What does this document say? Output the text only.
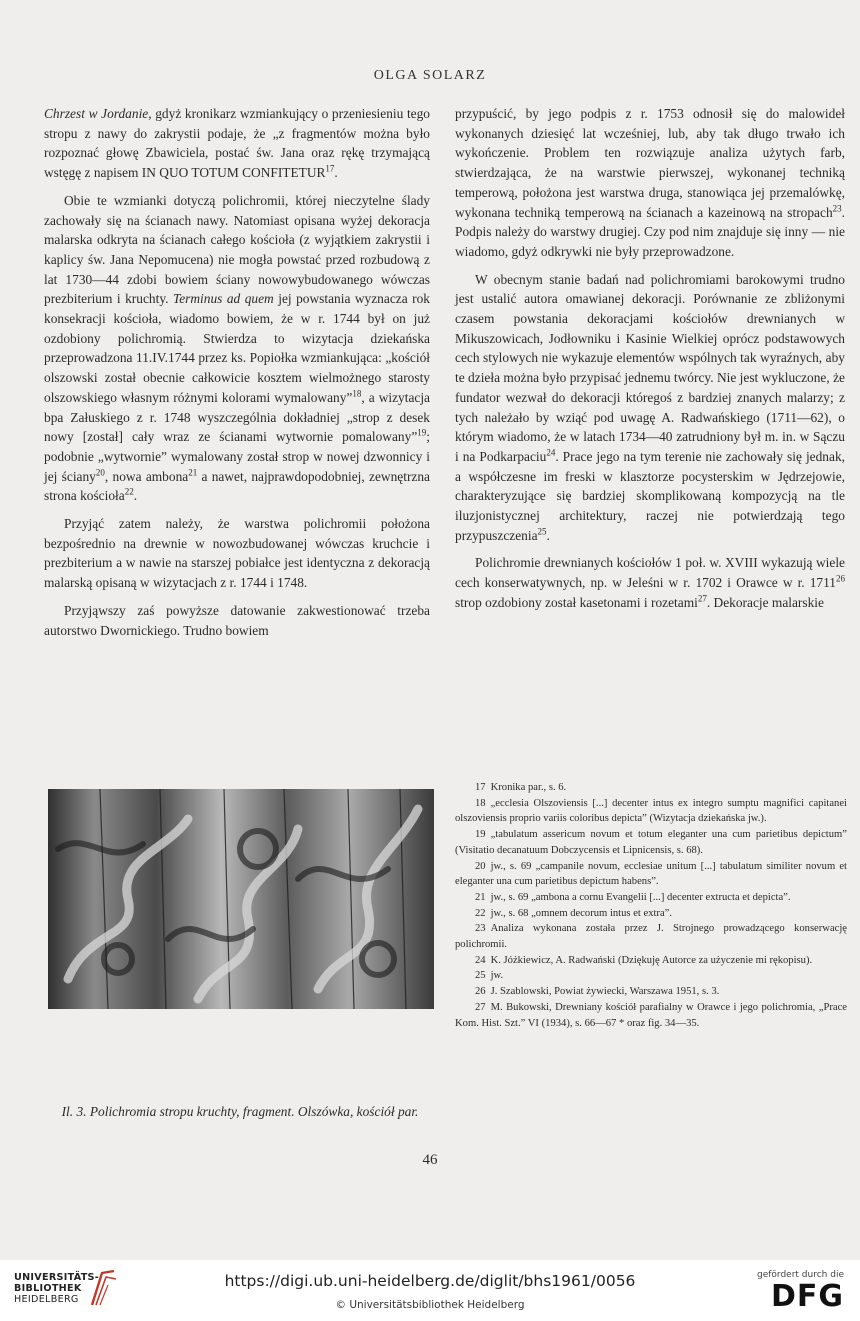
OLGA SOLARZ

Chrzest w Jordanie, gdyż kronikarz wzmiankujący o przeniesieniu tego stropu z nawy do zakrystii podaje, że „z fragmentów można było rozpoznać głowę Zbawiciela, postać św. Jana oraz rękę trzymającą wstęgę z napisem IN QUO TOTUM CONFITETUR$^{17}$.

Obie te wzmianki dotyczą polichromii, której nieczytelne ślady zachowały się na ścianach nawy. Natomiast opisana wyżej dekoracja malarska odkryta na ścianach całego kościoła (z wyjątkiem zakrystii i kaplicy św. Jana Nepomucena) nie mogła powstać przed rozbudową z lat 1730—44 zdobi bowiem ściany nowowybudowanego wówczas prezbiterium i kruchty. Terminus ad quem jej powstania wyznacza rok konsekracji kościoła, wiadomo bowiem, że w r. 1744 był on już ozdobiony polichromią. Stwierdza to wizytacja dziekańska przeprowadzona 11.IV.1744 przez ks. Popiołka wzmiankująca: „kościół olszowski został obecnie całkowicie kosztem wielmożnego starosty olszowskiego własnym różnymi kolorami wymalowany”$^{18}$, a wizytacja bpa Załuskiego z r. 1748 wyszczególnia dokładniej „strop z desek nowy [został] cały wraz ze ścianami wytwornie pomalowany”$^{19}$; podobnie „wytwornie” wymalowany został strop w nowej dzwonnicy i jej ściany$^{20}$, nowa ambona$^{21}$ a nawet, najprawdopodobniej, zewnętrzna strona kościoła$^{22}$.

Przyjąć zatem należy, że warstwa polichromii położona bezpośrednio na drewnie w nowozbudowanej wówczas kruchcie i prezbiterium a w nawie na starszej pobiałce jest identyczna z dekoracją malarską opisaną w wizytacjach z r. 1744 i 1748.

Przyjąwszy zaś powyższe datowanie zakwestionować trzeba autorstwo Dwornickiego. Trudno bowiem

przypuścić, by jego podpis z r. 1753 odnosił się do malowideł wykonanych dziesięć lat wcześniej, lub, aby tak długo trwało ich wykończenie. Problem ten rozwiązuje analiza użytych farb, stwierdzająca, że na warstwie pierwszej, wykonanej techniką temperową, położona jest warstwa druga, stanowiąca jej przemalówkę, wykonana techniką temperową na ścianach a kazeinową na stropach$^{23}$. Podpis należy do warstwy drugiej. Czy pod nim znajduje się inny — nie wiadomo, gdyż odkrywki nie były przeprowadzone.

W obecnym stanie badań nad polichromiami barokowymi trudno jest ustalić autora omawianej dekoracji. Porównanie ze zbliżonymi czasem powstania dekoracjami kościołów drewnianych w Mikuszowicach, Jodłowniku i Kasinie Wielkiej oprócz podstawowych cech stylowych nie wykazuje elementów wspólnych tak wyraźnych, aby te dzieła można było przypisać jednemu twórcy. Nie jest wykluczone, że fundator wezwał do dekoracji któregoś z bardziej znanych malarzy; z tych należało by wziąć pod uwagę A. Radwańskiego (1711—62), o którym wiadomo, że w latach 1734—40 zatrudniony był m. in. w Sączu i na Podkarpaciu$^{24}$. Prace jego na tym terenie nie zachowały się jednak, a współczesne im freski w klasztorze pocysterskim w Jędrzejowie, charakteryzujące się bardziej skomplikowaną kompozycją na tle iluzjonistycznej architektury, raczej nie potwierdzają tego przypuszczenia$^{25}$.

Polichromie drewnianych kościołów 1 poł. w. XVIII wykazują wiele cech konserwatywnych, np. w Jeleśni w r. 1702 i Orawce w r. 1711$^{26}$ strop ozdobiony został kasetonami i rozetami$^{27}$. Dekoracje malarskie

Il. 3. Polichromia stropu kruchty, fragment. Olszówka, kościół par.

17 Kronika par., s. 6.

18 „ecclesia Olszoviensis [...] decenter intus ex integro sumptu magnifici capitanei olszoviensis proprio variis coloribus depicta” (Wizytacja dziekańska jw.).

19 „tabulatum assericum novum et totum eleganter una cum parietibus depictum” (Visitatio decanatuum Dobczycensis et Lipnicensis, s. 68).

20 jw., s. 69 „campanile novum, ecclesiae unitum [...] tabulatum similiter novum et eleganter una cum parietibus depictum habens”.

21 jw., s. 69 „ambona a cornu Evangelii [...] decenter extructa et depicta”.

22 jw., s. 68 „omnem decorum intus et extra”.

23 Analiza wykonana została przez J. Strojnego prowadzącego konserwację polichromii.

24 K. Jóżkiewicz, A. Radwański (Dziękuję Autorce za użyczenie mi rękopisu).

25 jw.

26 J. Szablowski, Powiat żywiecki, Warszawa 1951, s. 3.

27 M. Bukowski, Drewniany kościół parafialny w Orawce i jego polichromia, „Prace Kom. Hist. Szt.” VI (1934), s. 66—67 * oraz fig. 34—35.

46
UNIVERSITÄTS-
BIBLIOTHEK
HEIDELBERG
https://digi.ub.uni-heidelberg.de/diglit/bhs1961/0056
© Universitätsbibliothek Heidelberg
gefördert durch die
DFG
